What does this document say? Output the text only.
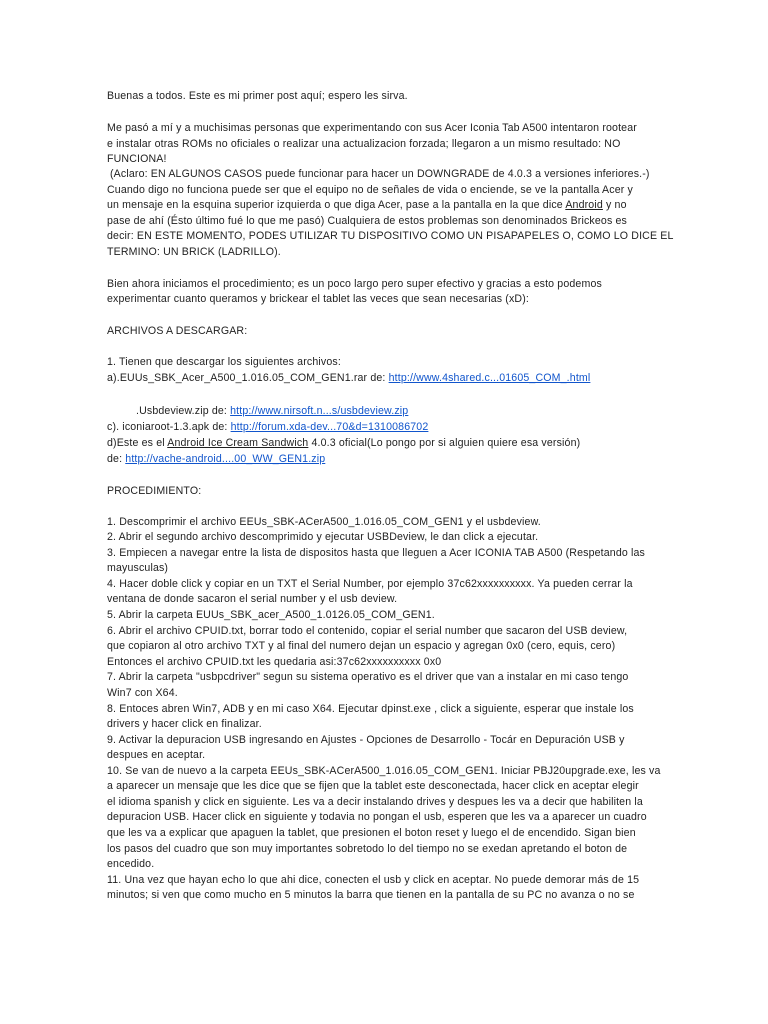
Buenas a todos. Este es mi primer post aquí; espero les sirva.
Me pasó a mí y a muchisimas personas que experimentando con sus Acer Iconia Tab A500 intentaron rootear
e instalar otras ROMs no oficiales o realizar una actualizacion forzada; llegaron a un mismo resultado: NO
FUNCIONA!
(Aclaro: EN ALGUNOS CASOS puede funcionar para hacer un DOWNGRADE de 4.0.3 a versiones inferiores.-)
Cuando digo no funciona puede ser que el equipo no de señales de vida o enciende, se ve la pantalla Acer y
un mensaje en la esquina superior izquierda o que diga Acer, pase a la pantalla en la que dice Android y no
pase de ahí (Ésto último fué lo que me pasó) Cualquiera de estos problemas son denominados Brickeos es
decir: EN ESTE MOMENTO, PODES UTILIZAR TU DISPOSITIVO COMO UN PISAPAPELES O, COMO LO DICE EL
TERMINO: UN BRICK (LADRILLO).
Bien ahora iniciamos el procedimiento; es un poco largo pero super efectivo y gracias a esto podemos
experimentar cuanto queramos y brickear el tablet las veces que sean necesarias (xD):
ARCHIVOS A DESCARGAR:
1. Tienen que descargar los siguientes archivos:
a).EUUs_SBK_Acer_A500_1.016.05_COM_GEN1.rar de: http://www.4shared.c...01605_COM_.html
.Usbdeview.zip de: http://www.nirsoft.n...s/usbdeview.zip
c). iconiaroot-1.3.apk de: http://forum.xda-dev...70&d=1310086702
d)Este es el Android Ice Cream Sandwich 4.0.3 oficial(Lo pongo por si alguien quiere esa versión)
de: http://vache-android....00_WW_GEN1.zip
PROCEDIMIENTO:
1. Descomprimir el archivo EEUs_SBK-ACerA500_1.016.05_COM_GEN1 y el usbdeview.
2. Abrir el segundo archivo descomprimido y ejecutar USBDeview, le dan click a ejecutar.
3. Empiecen a navegar entre la lista de dispositos hasta que lleguen a Acer ICONIA TAB A500 (Respetando las
mayusculas)
4. Hacer doble click y copiar en un TXT el Serial Number, por ejemplo 37c62xxxxxxxxxx. Ya pueden cerrar la
ventana de donde sacaron el serial number y el usb deview.
5. Abrir la carpeta EUUs_SBK_acer_A500_1.0126.05_COM_GEN1.
6. Abrir el archivo CPUID.txt, borrar todo el contenido, copiar el serial number que sacaron del USB deview,
que copiaron al otro archivo TXT y al final del numero dejan un espacio y agregan 0x0 (cero, equis, cero)
Entonces el archivo CPUID.txt les quedaria asi:37c62xxxxxxxxxx 0x0
7. Abrir la carpeta "usbpcdriver" segun su sistema operativo es el driver que van a instalar en mi caso tengo
Win7 con X64.
8. Entoces abren Win7, ADB y en mi caso X64. Ejecutar dpinst.exe , click a siguiente, esperar que instale los
drivers y hacer click en finalizar.
9. Activar la depuracion USB ingresando en Ajustes - Opciones de Desarrollo - Tocár en Depuración USB y
despues en aceptar.
10. Se van de nuevo a la carpeta EEUs_SBK-ACerA500_1.016.05_COM_GEN1. Iniciar PBJ20upgrade.exe, les va
a aparecer un mensaje que les dice que se fijen que la tablet este desconectada, hacer click en aceptar elegir
el idioma spanish y click en siguiente. Les va a decir instalando drives y despues les va a decir que habiliten la
depuracion USB. Hacer click en siguiente y todavia no pongan el usb, esperen que les va a aparecer un cuadro
que les va a explicar que apaguen la tablet, que presionen el boton reset y luego el de encendido. Sigan bien
los pasos del cuadro que son muy importantes sobretodo lo del tiempo no se exedan apretando el boton de
encedido.
11. Una vez que hayan echo lo que ahi dice, conecten el usb y click en aceptar. No puede demorar más de 15
minutos; si ven que como mucho en 5 minutos la barra que tienen en la pantalla de su PC no avanza o no se
